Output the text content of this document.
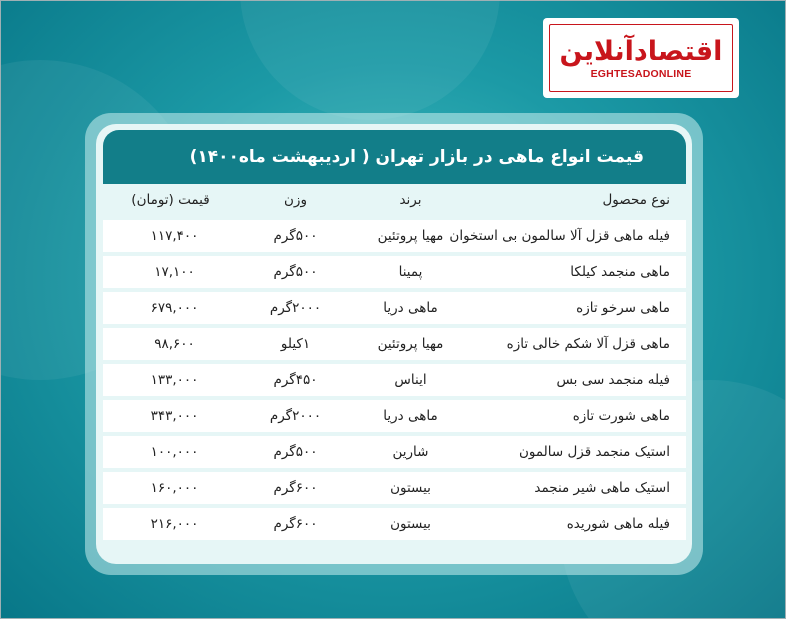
اقتصادآنلاین
EGHTESADONLINE
قیمت انواع ماهی در بازار تهران ( اردیبهشت ماه۱۴۰۰)
نوع محصول	برند	وزن	قیمت (تومان)
فیله ماهی قزل آلا سالمون بی استخوان	مهیا پروتئین	۵۰۰گرم	۱۱۷,۴۰۰
ماهی منجمد کیلکا	پمینا	۵۰۰گرم	۱۷,۱۰۰
ماهی سرخو تازه	ماهی دریا	۲۰۰۰گرم	۶۷۹,۰۰۰
ماهی قزل آلا شکم خالی تازه	مهیا پروتئین	۱کیلو	۹۸,۶۰۰
فیله منجمد سی بس	ایناس	۴۵۰گرم	۱۳۳,۰۰۰
ماهی شورت تازه	ماهی دریا	۲۰۰۰گرم	۳۴۳,۰۰۰
استیک منجمد قزل سالمون	شارین	۵۰۰گرم	۱۰۰,۰۰۰
استیک ماهی شیر منجمد	بیستون	۶۰۰گرم	۱۶۰,۰۰۰
فیله ماهی شوریده	بیستون	۶۰۰گرم	۲۱۶,۰۰۰
